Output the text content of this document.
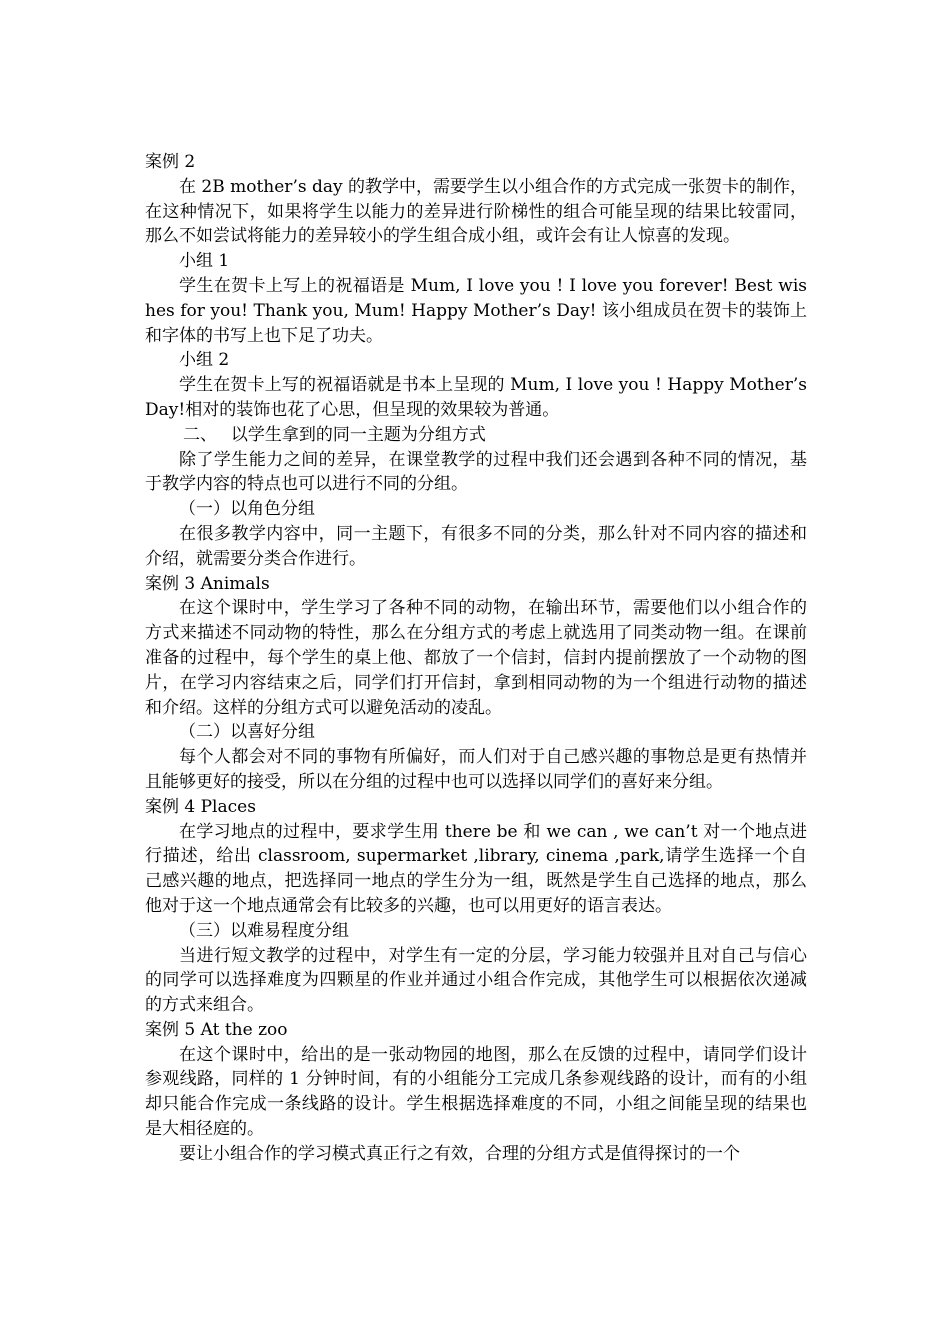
案例 2

在 2B mother’s day 的教学中，需要学生以小组合作的方式完成一张贺卡的制作，在这种情况下，如果将学生以能力的差异进行阶梯性的组合可能呈现的结果比较雷同，那么不如尝试将能力的差异较小的学生组合成小组，或许会有让人惊喜的发现。

小组 1

学生在贺卡上写上的祝福语是 Mum, I love you ! I love you forever! Best wishes for you! Thank you, Mum! Happy Mother’s Day! 该小组成员在贺卡的装饰上和字体的书写上也下足了功夫。

小组 2

学生在贺卡上写的祝福语就是书本上呈现的 Mum, I love you ! Happy Mother’s Day!相对的装饰也花了心思，但呈现的效果较为普通。

二、　 以学生拿到的同一主题为分组方式

除了学生能力之间的差异，在课堂教学的过程中我们还会遇到各种不同的情况，基于教学内容的特点也可以进行不同的分组。

（一）以角色分组

在很多教学内容中，同一主题下，有很多不同的分类，那么针对不同内容的描述和介绍，就需要分类合作进行。

案例 3 Animals

在这个课时中，学生学习了各种不同的动物，在输出环节，需要他们以小组合作的方式来描述不同动物的特性，那么在分组方式的考虑上就选用了同类动物一组。在课前准备的过程中，每个学生的桌上他、都放了一个信封，信封内提前摆放了一个动物的图片，在学习内容结束之后，同学们打开信封，拿到相同动物的为一个组进行动物的描述和介绍。这样的分组方式可以避免活动的凌乱。

（二）以喜好分组

每个人都会对不同的事物有所偏好，而人们对于自己感兴趣的事物总是更有热情并且能够更好的接受，所以在分组的过程中也可以选择以同学们的喜好来分组。

案例 4 Places

在学习地点的过程中，要求学生用 there be 和 we can , we can’t 对一个地点进行描述，给出 classroom, supermarket ,library, cinema ,park,请学生选择一个自己感兴趣的地点，把选择同一地点的学生分为一组，既然是学生自己选择的地点，那么他对于这一个地点通常会有比较多的兴趣，也可以用更好的语言表达。

（三）以难易程度分组

当进行短文教学的过程中，对学生有一定的分层，学习能力较强并且对自己与信心的同学可以选择难度为四颗星的作业并通过小组合作完成，其他学生可以根据依次递减的方式来组合。

案例 5 At the zoo

在这个课时中，给出的是一张动物园的地图，那么在反馈的过程中，请同学们设计参观线路，同样的 1 分钟时间，有的小组能分工完成几条参观线路的设计，而有的小组却只能合作完成一条线路的设计。学生根据选择难度的不同，小组之间能呈现的结果也是大相径庭的。

要让小组合作的学习模式真正行之有效，合理的分组方式是值得探讨的一个
